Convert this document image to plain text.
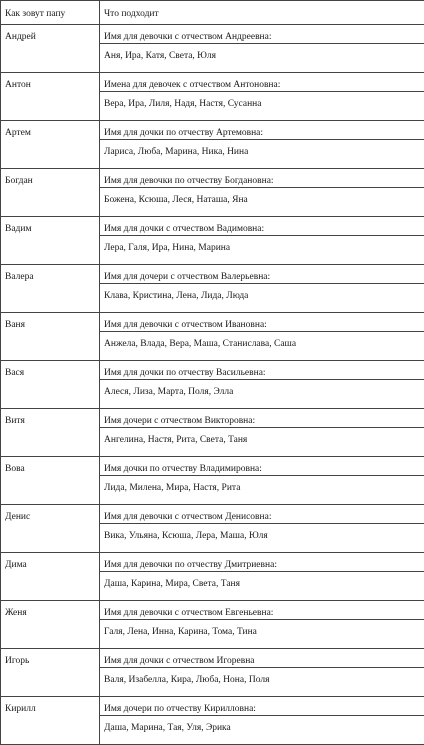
Как зовут папу	Что подходит

Андрей	Имя для девочки с отчеством Андреевна:
Аня, Ира, Катя, Света, Юля

Антон	Имена для девочек с отчеством Антоновна:
Вера, Ира, Лиля, Надя, Настя, Сусанна

Артем	Имя для дочки по отчеству Артемовна:
Лариса, Люба, Марина, Ника, Нина

Богдан	Имя для девочки по отчеству Богдановна:
Божена, Ксюша, Леся, Наташа, Яна

Вадим	Имя для дочки с отчеством Вадимовна:
Лера, Галя, Ира, Нина, Марина

Валера	Имя для дочери с отчеством Валерьевна:
Клава, Кристина, Лена, Лида, Люда

Ваня	Имя для девочки с отчеством Ивановна:
Анжела, Влада, Вера, Маша, Станислава, Саша

Вася	Имя для дочки по отчеству Васильевна:
Алеся, Лиза, Марта, Поля, Элла

Витя	Имя дочери с отчеством Викторовна:
Ангелина, Настя, Рита, Света, Таня

Вова	Имя дочки по отчеству Владимировна:
Лида, Милена, Мира, Настя, Рита

Денис	Имя для девочки с отчеством Денисовна:
Вика, Ульяна, Ксюша, Лера, Маша, Юля

Дима	Имя для девочки по отчеству Дмитриевна:
Даша, Карина, Мира, Света, Таня

Женя	Имя для девочки с отчеством Евгеньевна:
Галя, Лена, Инна, Карина, Тома, Тина

Игорь	Имя для дочки с отчеством Игоревна
Валя, Изабелла, Кира, Люба, Нона, Поля

Кирилл	Имя дочери по отчеству Кирилловна:
Даша, Марина, Тая, Уля, Эрика
